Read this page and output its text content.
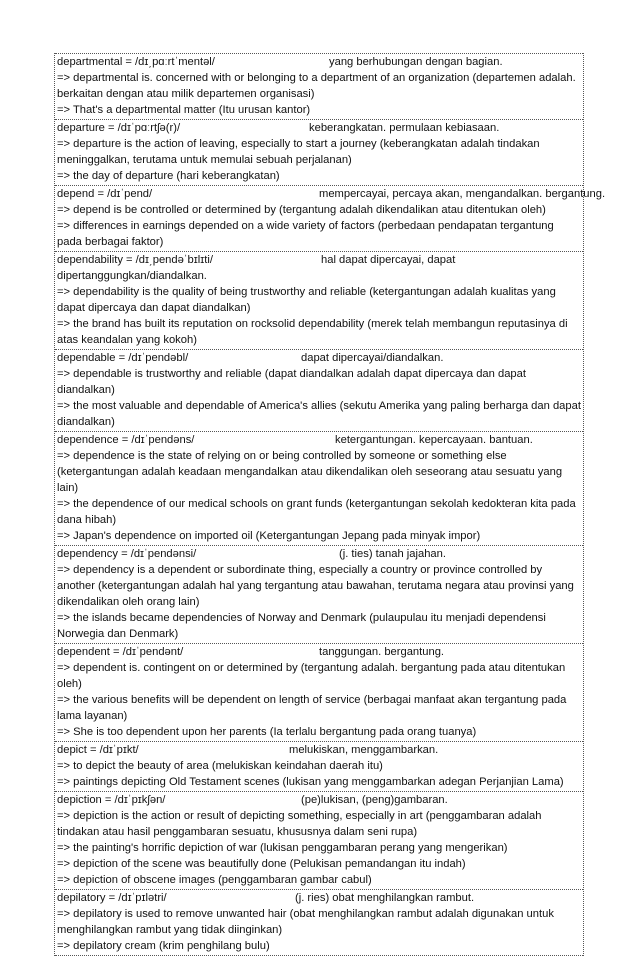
departmental = /dɪ͵pɑːrtˈmentəl/	yang berhubungan dengan bagian.
=> departmental is. concerned with or belonging to a department of an organization (departemen adalah. berkaitan dengan atau milik departemen organisasi)
=> That's a departmental matter (Itu urusan kantor)
departure = /dɪˈpɑːrtʃə(r)/	keberangkatan. permulaan kebiasaan.
=> departure is the action of leaving, especially to start a journey (keberangkatan adalah tindakan meninggalkan, terutama untuk memulai sebuah perjalanan)
=> the day of departure (hari keberangkatan)
depend = /dɪˈpend/	mempercayai, percaya akan, mengandalkan. bergantung.
=> depend is be controlled or determined by (tergantung adalah dikendalikan atau ditentukan oleh)
=> differences in earnings depended on a wide variety of factors (perbedaan pendapatan tergantung pada berbagai faktor)
dependability = /dɪ͵pendəˈbɪlɪti/	hal dapat dipercayai, dapat
dipertanggungkan/diandalkan.
=> dependability is the quality of being trustworthy and reliable (ketergantungan adalah kualitas yang dapat dipercaya dan dapat diandalkan)
=> the brand has built its reputation on rocksolid dependability (merek telah membangun reputasinya di atas keandalan yang kokoh)
dependable = /dɪˈpendəbl/	dapat dipercayai/diandalkan.
=> dependable is trustworthy and reliable (dapat diandalkan adalah dapat dipercaya dan dapat diandalkan)
=> the most valuable and dependable of America's allies (sekutu Amerika yang paling berharga dan dapat diandalkan)
dependence = /dɪˈpendəns/	ketergantungan. kepercayaan. bantuan.
=> dependence is the state of relying on or being controlled by someone or something else (ketergantungan adalah keadaan mengandalkan atau dikendalikan oleh seseorang atau sesuatu yang lain)
=> the dependence of our medical schools on grant funds (ketergantungan sekolah kedokteran kita pada dana hibah)
=> Japan's dependence on imported oil (Ketergantungan Jepang pada minyak impor)
dependency = /dɪˈpendənsi/	(j. ties) tanah jajahan.
=> dependency is a dependent or subordinate thing, especially a country or province controlled by another (ketergantungan adalah hal yang tergantung atau bawahan, terutama negara atau provinsi yang dikendalikan oleh orang lain)
=> the islands became dependencies of Norway and Denmark (pulaupulau itu menjadi dependensi Norwegia dan Denmark)
dependent = /dɪˈpendənt/	tanggungan. bergantung.
=> dependent is. contingent on or determined by (tergantung adalah. bergantung pada atau ditentukan oleh)
=> the various benefits will be dependent on length of service (berbagai manfaat akan tergantung pada lama layanan)
=> She is too dependent upon her parents (Ia terlalu bergantung pada orang tuanya)
depict = /dɪˈpɪkt/	melukiskan, menggambarkan.
=> to depict the beauty of area (melukiskan keindahan daerah itu)
=> paintings depicting Old Testament scenes (lukisan yang menggambarkan adegan Perjanjian Lama)
depiction = /dɪˈpɪkʃən/	(pe)lukisan, (peng)gambaran.
=> depiction is the action or result of depicting something, especially in art (penggambaran adalah tindakan atau hasil penggambaran sesuatu, khususnya dalam seni rupa)
=> the painting's horrific depiction of war (lukisan penggambaran perang yang mengerikan)
=> depiction of the scene was beautifully done (Pelukisan pemandangan itu indah)
=> depiction of obscene images (penggambaran gambar cabul)
depilatory = /dɪˈpɪlətri/	(j. ries) obat menghilangkan rambut.
=> depilatory is used to remove unwanted hair (obat menghilangkan rambut adalah digunakan untuk menghilangkan rambut yang tidak diinginkan)
=> depilatory cream (krim penghilang bulu)
